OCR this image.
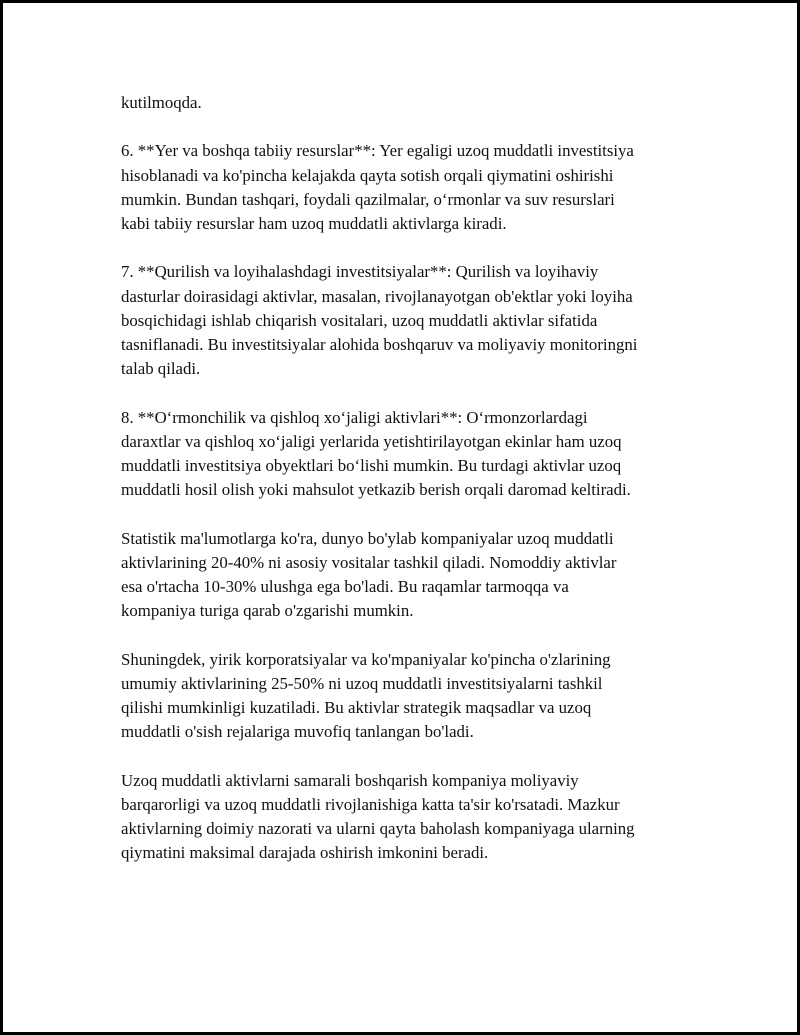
kutilmoqda.

6. **Yer va boshqa tabiiy resurslar**: Yer egaligi uzoq muddatli investitsiya
hisoblanadi va ko'pincha kelajakda qayta sotish orqali qiymatini oshirishi
mumkin. Bundan tashqari, foydali qazilmalar, o‘rmonlar va suv resurslari
kabi tabiiy resurslar ham uzoq muddatli aktivlarga kiradi.

7. **Qurilish va loyihalashdagi investitsiyalar**: Qurilish va loyihaviy
dasturlar doirasidagi aktivlar, masalan, rivojlanayotgan ob'ektlar yoki loyiha
bosqichidagi ishlab chiqarish vositalari, uzoq muddatli aktivlar sifatida
tasniflanadi. Bu investitsiyalar alohida boshqaruv va moliyaviy monitoringni
talab qiladi.

8. **O‘rmonchilik va qishloq xo‘jaligi aktivlari**: O‘rmonzorlardagi
daraxtlar va qishloq xo‘jaligi yerlarida yetishtirilayotgan ekinlar ham uzoq
muddatli investitsiya obyektlari bo‘lishi mumkin. Bu turdagi aktivlar uzoq
muddatli hosil olish yoki mahsulot yetkazib berish orqali daromad keltiradi.

Statistik ma'lumotlarga ko'ra, dunyo bo'ylab kompaniyalar uzoq muddatli
aktivlarining 20-40% ni asosiy vositalar tashkil qiladi. Nomoddiy aktivlar
esa o'rtacha 10-30% ulushga ega bo'ladi. Bu raqamlar tarmoqqa va
kompaniya turiga qarab o'zgarishi mumkin.

Shuningdek, yirik korporatsiyalar va ko'mpaniyalar ko'pincha o'zlarining
umumiy aktivlarining 25-50% ni uzoq muddatli investitsiyalarni tashkil
qilishi mumkinligi kuzatiladi. Bu aktivlar strategik maqsadlar va uzoq
muddatli o'sish rejalariga muvofiq tanlangan bo'ladi.

Uzoq muddatli aktivlarni samarali boshqarish kompaniya moliyaviy
barqarorligi va uzoq muddatli rivojlanishiga katta ta'sir ko'rsatadi. Mazkur
aktivlarning doimiy nazorati va ularni qayta baholash kompaniyaga ularning
qiymatini maksimal darajada oshirish imkonini beradi.
